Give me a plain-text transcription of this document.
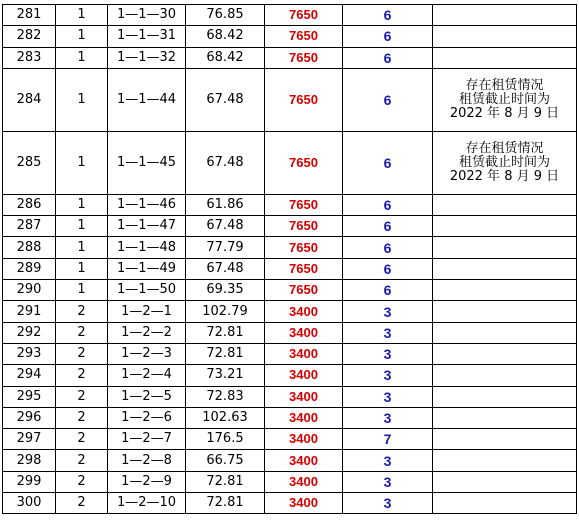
281	1	1—1—30	76.85	7650	6	
282	1	1—1—31	68.42	7650	6	
283	1	1—1—32	68.42	7650	6	
284	1	1—1—44	67.48	7650	6	存在租赁情况
租赁截止时间为
2022 年 8 月 9 日

285	1	1—1—45	67.48	7650	6	存在租赁情况
租赁截止时间为
2022 年 8 月 9 日

286	1	1—1—46	61.86	7650	6	
287	1	1—1—47	67.48	7650	6	
288	1	1—1—48	77.79	7650	6	
289	1	1—1—49	67.48	7650	6	
290	1	1—1—50	69.35	7650	6	
291	2	1—2—1	102.79	3400	3	
292	2	1—2—2	72.81	3400	3	
293	2	1—2—3	72.81	3400	3	
294	2	1—2—4	73.21	3400	3	
295	2	1—2—5	72.83	3400	3	
296	2	1—2—6	102.63	3400	3	
297	2	1—2—7	176.5	3400	7	
298	2	1—2—8	66.75	3400	3	
299	2	1—2—9	72.81	3400	3	
300	2	1—2—10	72.81	3400	3	
